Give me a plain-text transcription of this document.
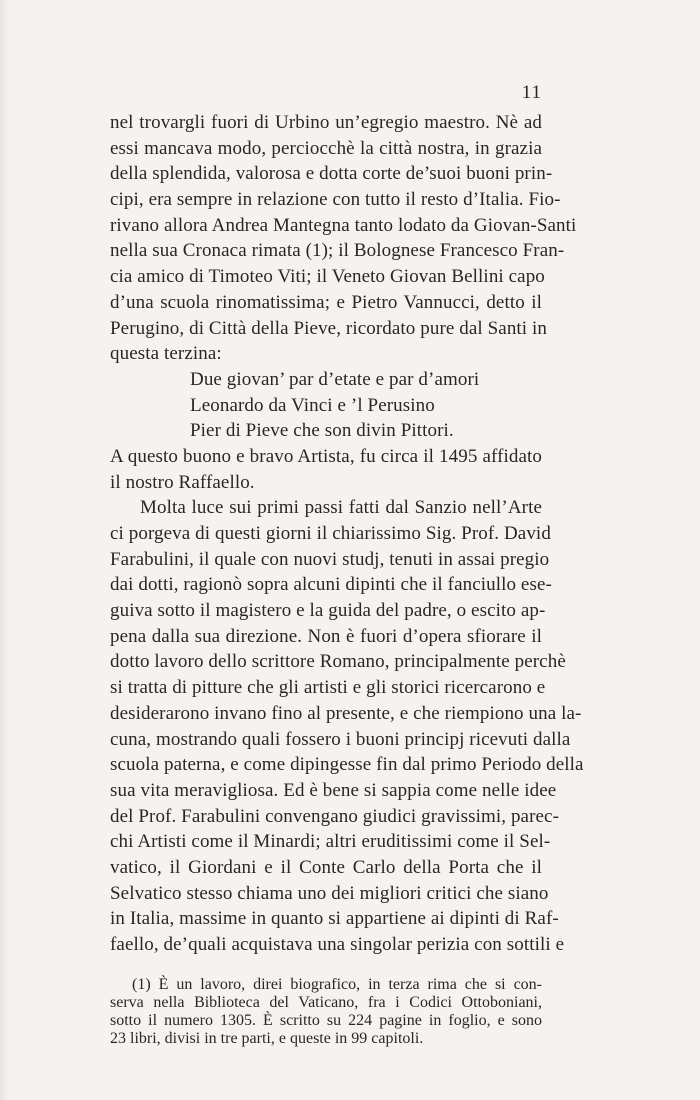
11
nel trovargli fuori di Urbino un’egregio maestro. Nè ad
essi mancava modo, perciocchè la città nostra, in grazia
della splendida, valorosa e dotta corte de’suoi buoni prin-
cipi, era sempre in relazione con tutto il resto d’Italia. Fio-
rivano allora Andrea Mantegna tanto lodato da Giovan-Santi
nella sua Cronaca rimata (1); il Bolognese Francesco Fran-
cia amico di Timoteo Viti; il Veneto Giovan Bellini capo
d’una scuola rinomatissima; e Pietro Vannucci, detto il
Perugino, di Città della Pieve, ricordato pure dal Santi in
questa terzina:
Due giovan’ par d’etate e par d’amori
Leonardo da Vinci e ’l Perusino
Pier di Pieve che son divin Pittori.
A questo buono e bravo Artista, fu circa il 1495 affidato
il nostro Raffaello.
Molta luce sui primi passi fatti dal Sanzio nell’Arte
ci porgeva di questi giorni il chiarissimo Sig. Prof. David
Farabulini, il quale con nuovi studj, tenuti in assai pregio
dai dotti, ragionò sopra alcuni dipinti che il fanciullo ese-
guiva sotto il magistero e la guida del padre, o escito ap-
pena dalla sua direzione. Non è fuori d’opera sfiorare il
dotto lavoro dello scrittore Romano, principalmente perchè
si tratta di pitture che gli artisti e gli storici ricercarono e
desiderarono invano fino al presente, e che riempiono una la-
cuna, mostrando quali fossero i buoni principj ricevuti dalla
scuola paterna, e come dipingesse fin dal primo Periodo della
sua vita meravigliosa. Ed è bene si sappia come nelle idee
del Prof. Farabulini convengano giudici gravissimi, parec-
chi Artisti come il Minardi; altri eruditissimi come il Sel-
vatico, il Giordani e il Conte Carlo della Porta che il
Selvatico stesso chiama uno dei migliori critici che siano
in Italia, massime in quanto si appartiene ai dipinti di Raf-
faello, de’quali acquistava una singolar perizia con sottili e
(1) È un lavoro, direi biografico, in terza rima che si con-
serva nella Biblioteca del Vaticano, fra i Codici Ottoboniani,
sotto il numero 1305. È scritto su 224 pagine in foglio, e sono
23 libri, divisi in tre parti, e queste in 99 capitoli.
